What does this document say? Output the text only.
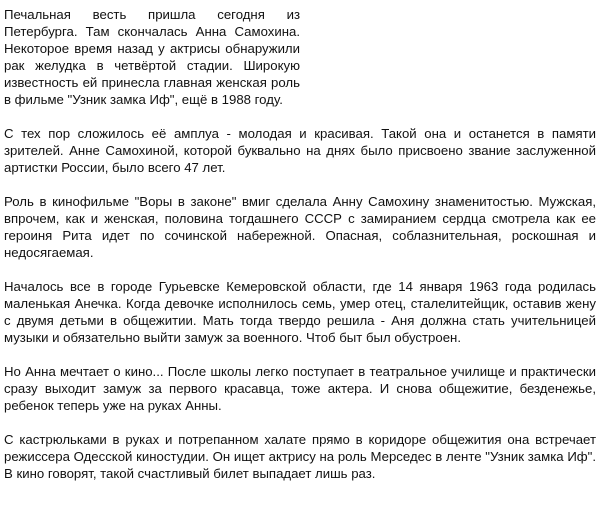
Печальная весть пришла сегодня из Петербурга. Там скончалась Анна Самохина. Некоторое время назад у актрисы обнаружили рак желудка в четвёртой стадии. Широкую известность ей принесла главная женская роль в фильме "Узник замка Иф", ещё в 1988 году.

С тех пор сложилось её амплуа - молодая и красивая. Такой она и останется в памяти зрителей. Анне Самохиной, которой буквально на днях было присвоено звание заслуженной артистки России, было всего 47 лет.

Роль в кинофильме "Воры в законе" вмиг сделала Анну Самохину знаменитостью. Мужская, впрочем, как и женская, половина тогдашнего СССР с замиранием сердца смотрела как ее героиня Рита идет по сочинской набережной. Опасная, соблазнительная, роскошная и недосягаемая.

Началось все в городе Гурьевске Кемеровской области, где 14 января 1963 года родилась маленькая Анечка. Когда девочке исполнилось семь, умер отец, сталелитейщик, оставив жену с двумя детьми в общежитии. Мать тогда твердо решила - Аня должна стать учительницей музыки и обязательно выйти замуж за военного. Чтоб быт был обустроен.

Но Анна мечтает о кино... После школы легко поступает в театральное училище и практически сразу выходит замуж за первого красавца, тоже актера. И снова общежитие, безденежье, ребенок теперь уже на руках Анны.

С кастрюльками в руках и потрепанном халате прямо в коридоре общежития она встречает режиссера Одесской киностудии. Он ищет актрису на роль Мерседес в ленте "Узник замка Иф". В кино говорят, такой счастливый билет выпадает лишь раз.
